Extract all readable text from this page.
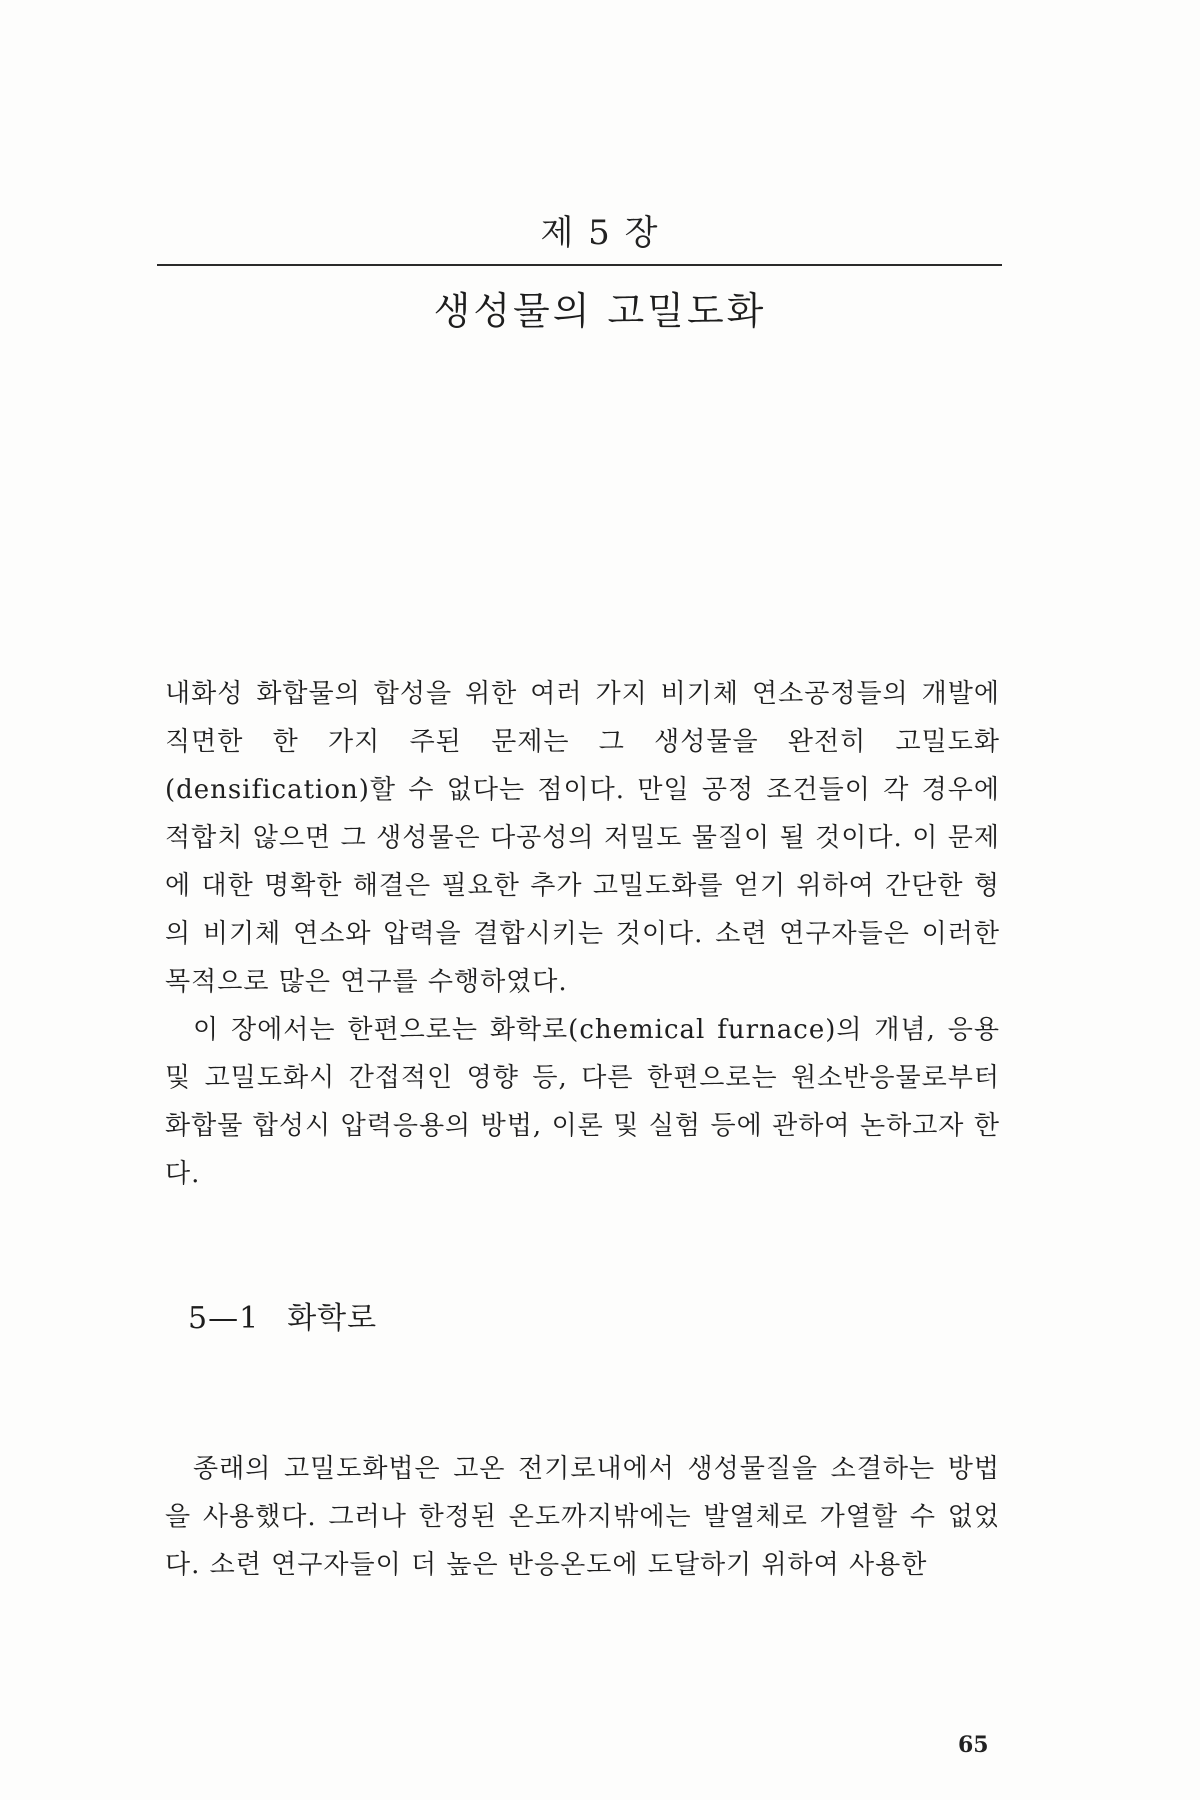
제 5 장
생성물의 고밀도화

내화성 화합물의 합성을 위한 여러 가지 비기체 연소공정들의 개발에 직면한 한 가지 주된 문제는 그 생성물을 완전히 고밀도화(densification)할 수 없다는 점이다. 만일 공정 조건들이 각 경우에 적합치 않으면 그 생성물은 다공성의 저밀도 물질이 될 것이다. 이 문제에 대한 명확한 해결은 필요한 추가 고밀도화를 얻기 위하여 간단한 형의 비기체 연소와 압력을 결합시키는 것이다. 소련 연구자들은 이러한 목적으로 많은 연구를 수행하였다.

이 장에서는 한편으로는 화학로(chemical furnace)의 개념, 응용 및 고밀도화시 간접적인 영향 등, 다른 한편으로는 원소반응물로부터 화합물 합성시 압력응용의 방법, 이론 및 실험 등에 관하여 논하고자 한다.

5—1 화학로

종래의 고밀도화법은 고온 전기로내에서 생성물질을 소결하는 방법을 사용했다. 그러나 한정된 온도까지밖에는 발열체로 가열할 수 없었다. 소련 연구자들이 더 높은 반응온도에 도달하기 위하여 사용한

65
